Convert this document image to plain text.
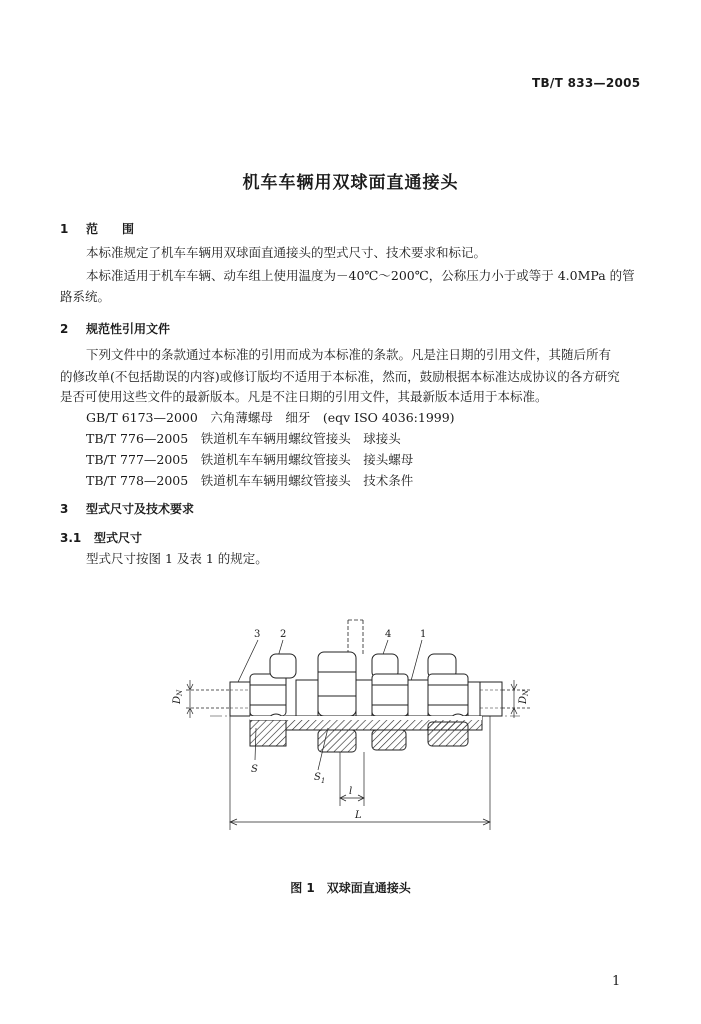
TB/T 833—2005
机车车辆用双球面直通接头
1 范　　围
本标准规定了机车车辆用双球面直通接头的型式尺寸、技术要求和标记。
本标准适用于机车车辆、动车组上使用温度为－40℃～200℃，公称压力小于或等于 4.0MPa 的管
路系统。
2 规范性引用文件
下列文件中的条款通过本标准的引用而成为本标准的条款。凡是注日期的引用文件，其随后所有
的修改单(不包括勘误的内容)或修订版均不适用于本标准，然而，鼓励根据本标准达成协议的各方研究
是否可使用这些文件的最新版本。凡是不注日期的引用文件，其最新版本适用于本标准。
GB/T 6173—2000　六角薄螺母　细牙　(eqv ISO 4036:1999)
TB/T 776—2005　铁道机车车辆用螺纹管接头　球接头
TB/T 777—2005　铁道机车车辆用螺纹管接头　接头螺母
TB/T 778—2005　铁道机车车辆用螺纹管接头　技术条件
3 型式尺寸及技术要求
3.1 型式尺寸
型式尺寸按图 1 及表 1 的规定。
3 2	4	1
S
$S_1$
l
L
$D_N$
$D_N$
图 1　双球面直通接头
1
